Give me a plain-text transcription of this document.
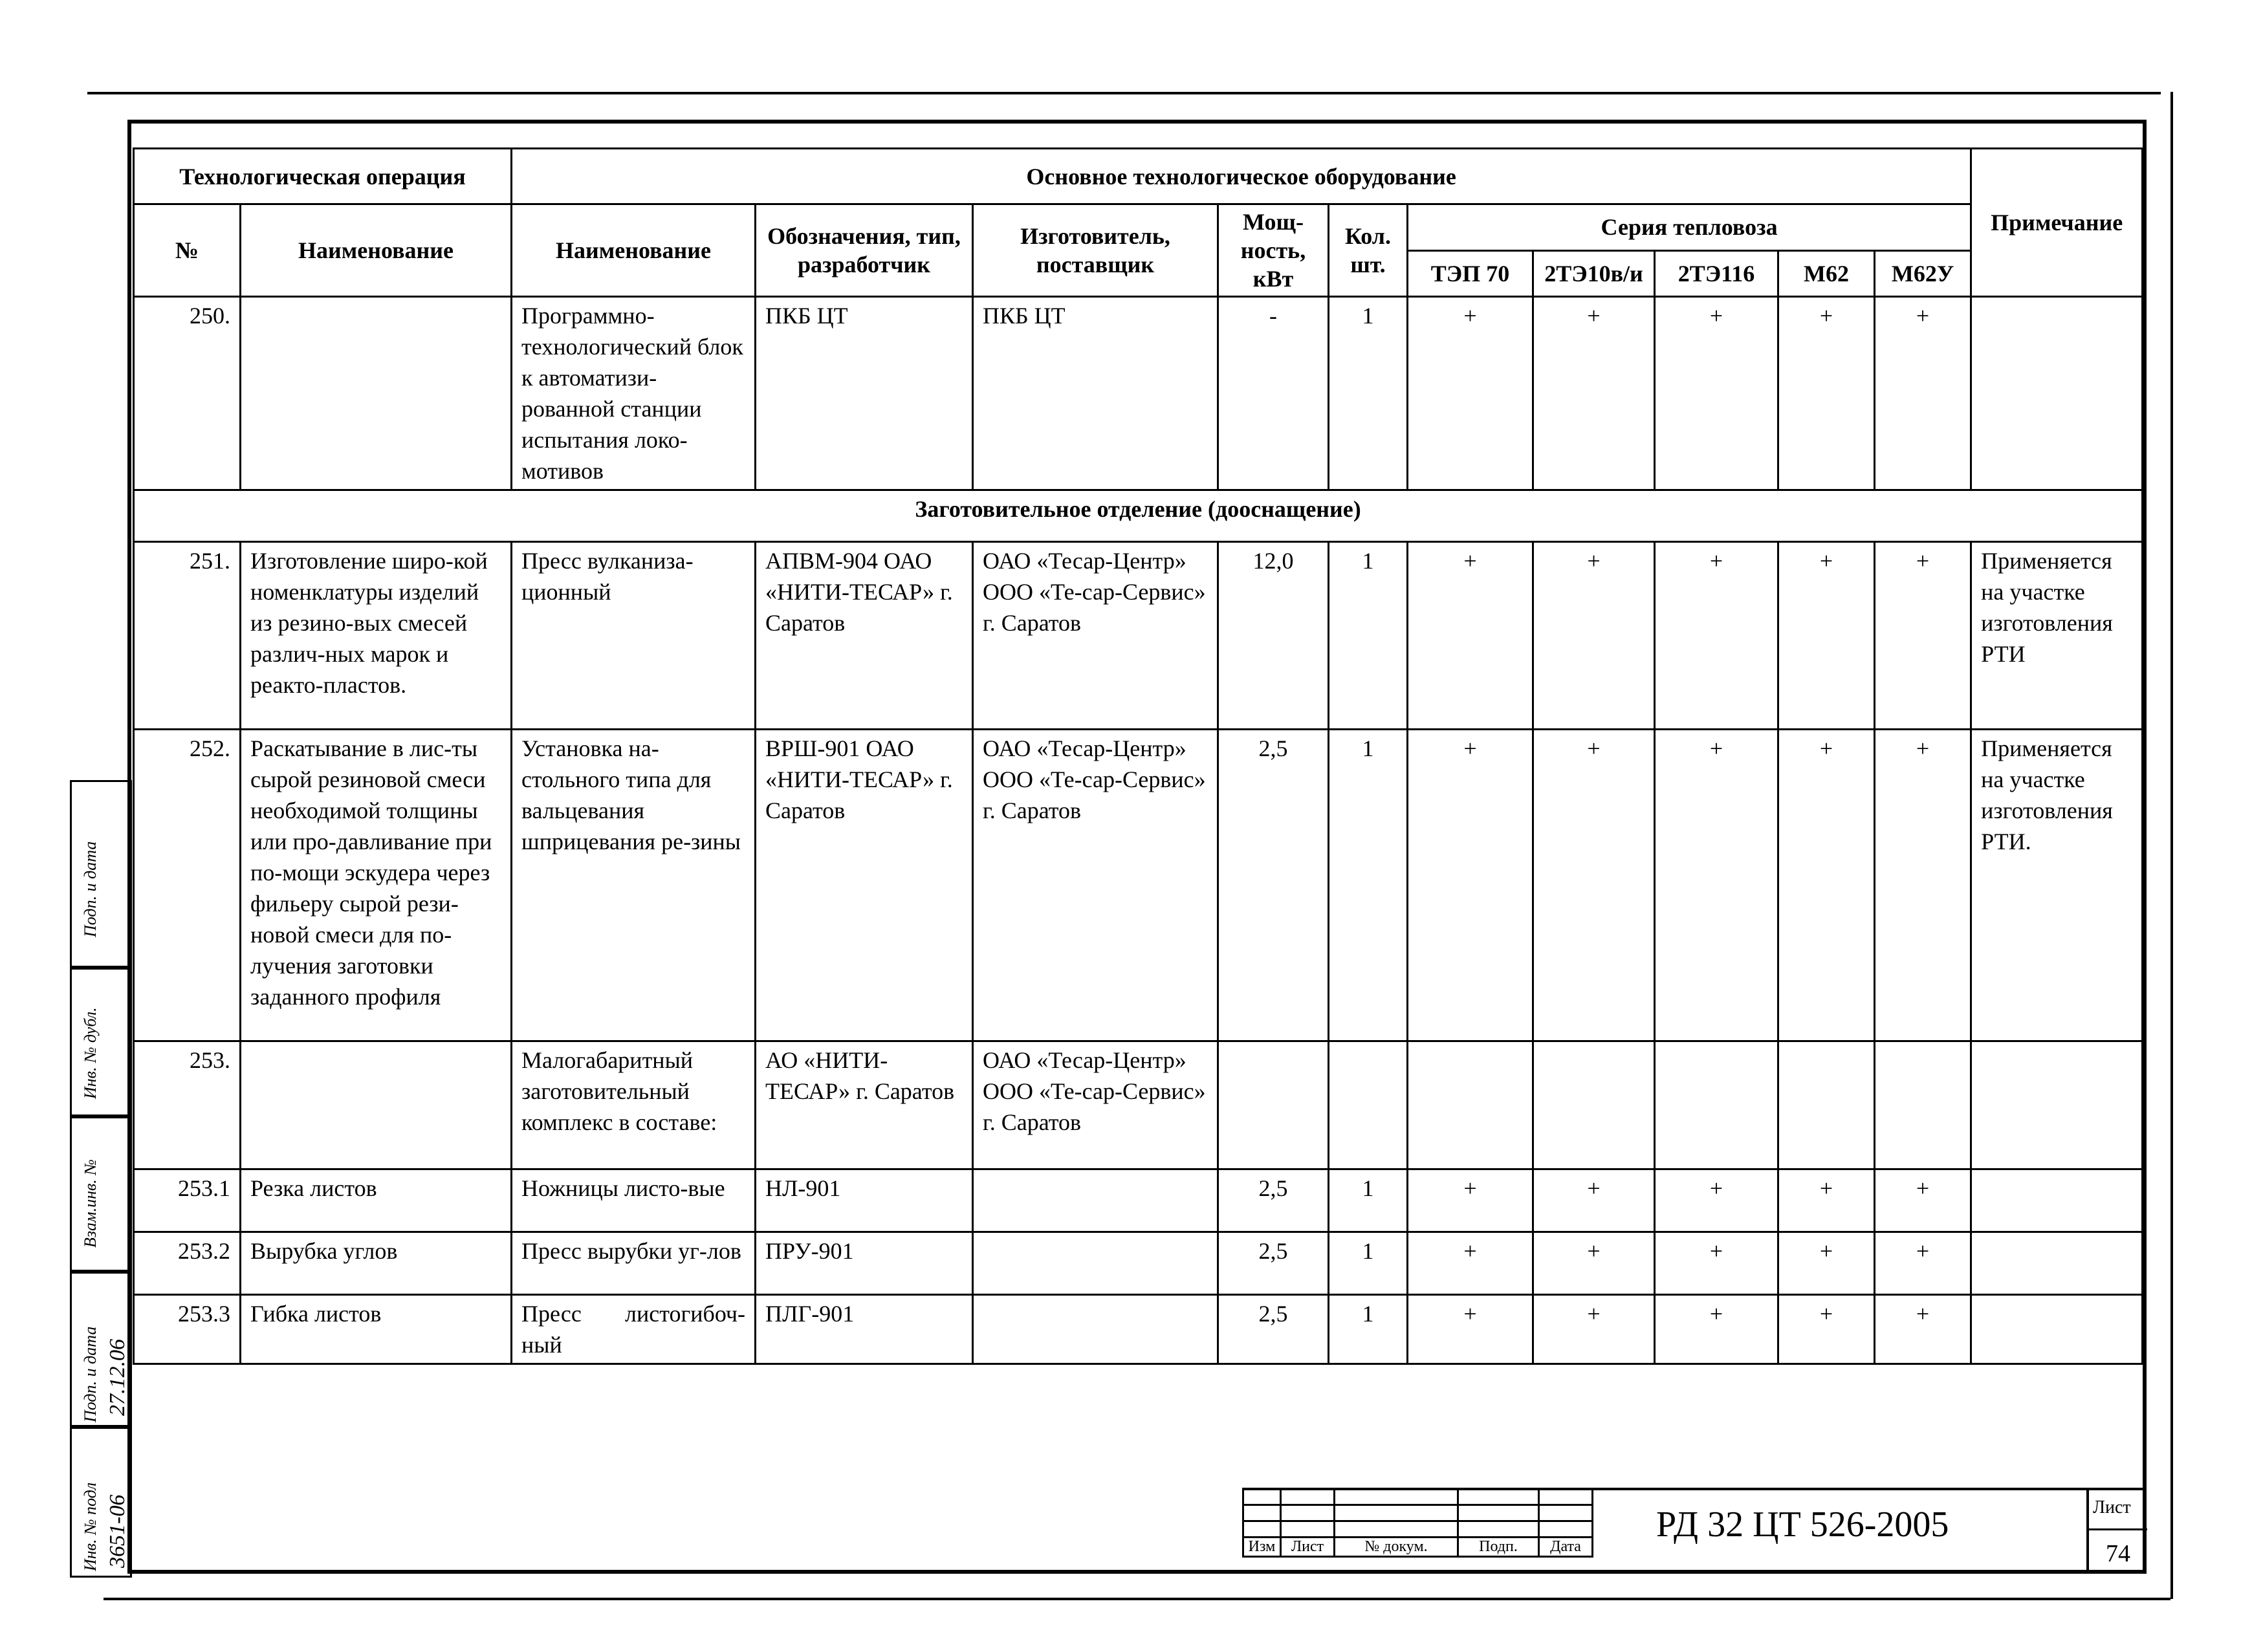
Технологическая операция		Основное технологическое оборудование										Примечание
№	Наименование	Наименование	Обозначения, тип, разработчик	Изготовитель, поставщик	Мощ-ность, кВт	Кол. шт.	Серия тепловоза					
							ТЭП 70	2ТЭ10в/и	2ТЭ116	М62	М62У	
250.		Программно-технологический блок к автоматизи-рованной станции испытания локо-мотивов	ПКБ ЦТ	ПКБ ЦТ	-	1	+	+	+	+	+	
Заготовительное отделение (дооснащение)												
251.	Изготовление широ-кой номенклатуры изделий из резино-вых смесей различ-ных марок и реакто-пластов.	Пресс вулканиза-ционный	АПВМ-904 ОАО «НИТИ-ТЕСАР» г. Саратов	ОАО «Тесар-Центр» ООО «Те-сар-Сервис» г. Саратов	12,0	1	+	+	+	+	+	Применяется на участке изготовления РТИ
252.	Раскатывание в лис-ты сырой резиновой смеси необходимой толщины или про-давливание при по-мощи эскудера через фильеру сырой рези-новой смеси для по-лучения заготовки заданного профиля	Установка на-стольного типа для вальцевания шприцевания ре-зины	ВРШ-901 ОАО «НИТИ-ТЕСАР» г. Саратов	ОАО «Тесар-Центр» ООО «Те-сар-Сервис» г. Саратов	2,5	1	+	+	+	+	+	Применяется на участке изготовления РТИ.
253.		Малогабаритный заготовительный комплекс в составе:	АО «НИТИ-ТЕСАР» г. Саратов	ОАО «Тесар-Центр» ООО «Те-сар-Сервис» г. Саратов								
253.1	Резка листов	Ножницы листо-вые	НЛ-901		2,5	1	+	+	+	+	+	
253.2	Вырубка углов	Пресс вырубки уг-лов	ПРУ-901		2,5	1	+	+	+	+	+	
253.3	Гибка листов	Пресс листогибоч-ный	ПЛГ-901		2,5	1	+	+	+	+	+	
Подп. и дата
Инв. № дубл.
Взам.инв. №
Подп. и дата 27.12.06
Инв. № подл 3651-06

					Изм	Лист	№ докум.	Подп.	Дата
РД 32 ЦТ 526-2005	Лист
74
